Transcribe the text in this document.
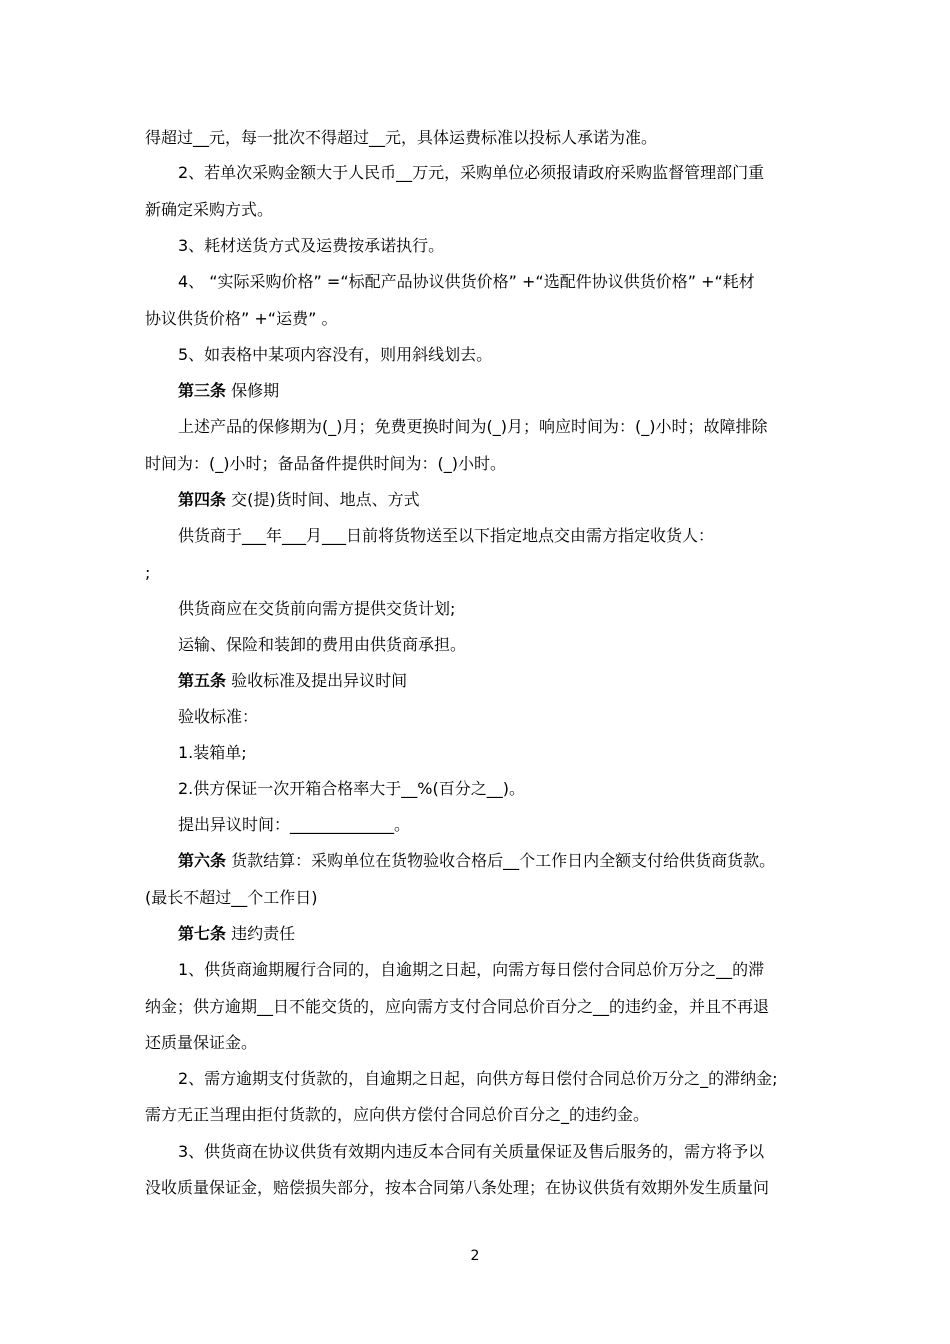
得超过__元，每一批次不得超过__元，具体运费标准以投标人承诺为准。
2、若单次采购金额大于人民币__万元，采购单位必须报请政府采购监督管理部门重
新确定采购方式。
3、耗材送货方式及运费按承诺执行。
4、 “实际采购价格” =“标配产品协议供货价格” +“选配件协议供货价格” +“耗材
协议供货价格” +“运费” 。
5、如表格中某项内容没有，则用斜线划去。
第三条 保修期
上述产品的保修期为(_)月；免费更换时间为(_)月；响应时间为：(_)小时；故障排除
时间为：(_)小时；备品备件提供时间为：(_)小时。
第四条 交(提)货时间、地点、方式
供货商于___年___月___日前将货物送至以下指定地点交由需方指定收货人：
;
供货商应在交货前向需方提供交货计划;
运输、保险和装卸的费用由供货商承担。
第五条 验收标准及提出异议时间
验收标准：
1.装箱单;
2.供方保证一次开箱合格率大于__%(百分之__)。
提出异议时间：_____________。
第六条 货款结算：采购单位在货物验收合格后__个工作日内全额支付给供货商货款。
(最长不超过__个工作日)
第七条 违约责任
1、供货商逾期履行合同的，自逾期之日起，向需方每日偿付合同总价万分之__的滞
纳金；供方逾期__日不能交货的，应向需方支付合同总价百分之__的违约金，并且不再退
还质量保证金。
2、需方逾期支付货款的，自逾期之日起，向供方每日偿付合同总价万分之_的滞纳金;
需方无正当理由拒付货款的，应向供方偿付合同总价百分之_的违约金。
3、供货商在协议供货有效期内违反本合同有关质量保证及售后服务的，需方将予以
没收质量保证金，赔偿损失部分，按本合同第八条处理；在协议供货有效期外发生质量问
2
